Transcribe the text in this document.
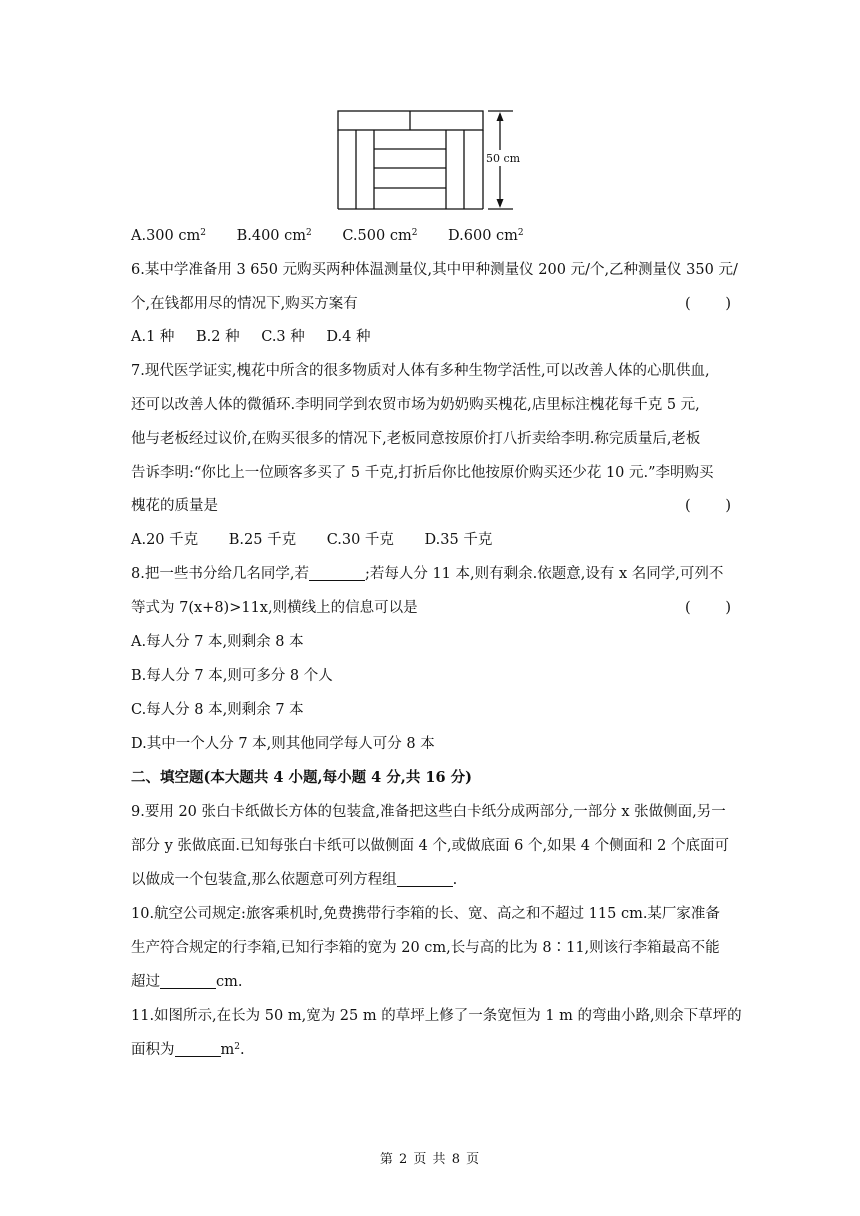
50 cm
A.300 $cm^2$ B.400 $cm^2$ C.500 $cm^2$ D.600 $cm^2$
6.某中学准备用 3 650 元购买两种体温测量仪,其中甲种测量仪 200 元/个,乙种测量仪 350 元/
个,在钱都用尽的情况下,购买方案有	( )
A.1 种 B.2 种 C.3 种 D.4 种
7.现代医学证实,槐花中所含的很多物质对人体有多种生物学活性,可以改善人体的心肌供血,
还可以改善人体的微循环.李明同学到农贸市场为奶奶购买槐花,店里标注槐花每千克 5 元,
他与老板经过议价,在购买很多的情况下,老板同意按原价打八折卖给李明.称完质量后,老板
告诉李明:“你比上一位顾客多买了 5 千克,打折后你比他按原价购买还少花 10 元.”李明购买
槐花的质量是	( )
A.20 千克 B.25 千克 C.30 千克 D.35 千克
8.把一些书分给几名同学,若	;若每人分 11 本,则有剩余.依题意,设有 x 名同学,可列不
等式为 7(x+8)>11x,则横线上的信息可以是	( )
A.每人分 7 本,则剩余 8 本
B.每人分 7 本,则可多分 8 个人
C.每人分 8 本,则剩余 7 本
D.其中一个人分 7 本,则其他同学每人可分 8 本
二、填空题(本大题共 4 小题,每小题 4 分,共 16 分)
9.要用 20 张白卡纸做长方体的包装盒,准备把这些白卡纸分成两部分,一部分 x 张做侧面,另一
部分 y 张做底面.已知每张白卡纸可以做侧面 4 个,或做底面 6 个,如果 4 个侧面和 2 个底面可
以做成一个包装盒,那么依题意可列方程组	.
10.航空公司规定:旅客乘机时,免费携带行李箱的长、宽、高之和不超过 115 cm.某厂家准备
生产符合规定的行李箱,已知行李箱的宽为 20 cm,长与高的比为 8∶11,则该行李箱最高不能
超过	cm.
11.如图所示,在长为 50 m,宽为 25 m 的草坪上修了一条宽恒为 1 m 的弯曲小路,则余下草坪的
面积为	$m^2$.
第 2 页 共 8 页
